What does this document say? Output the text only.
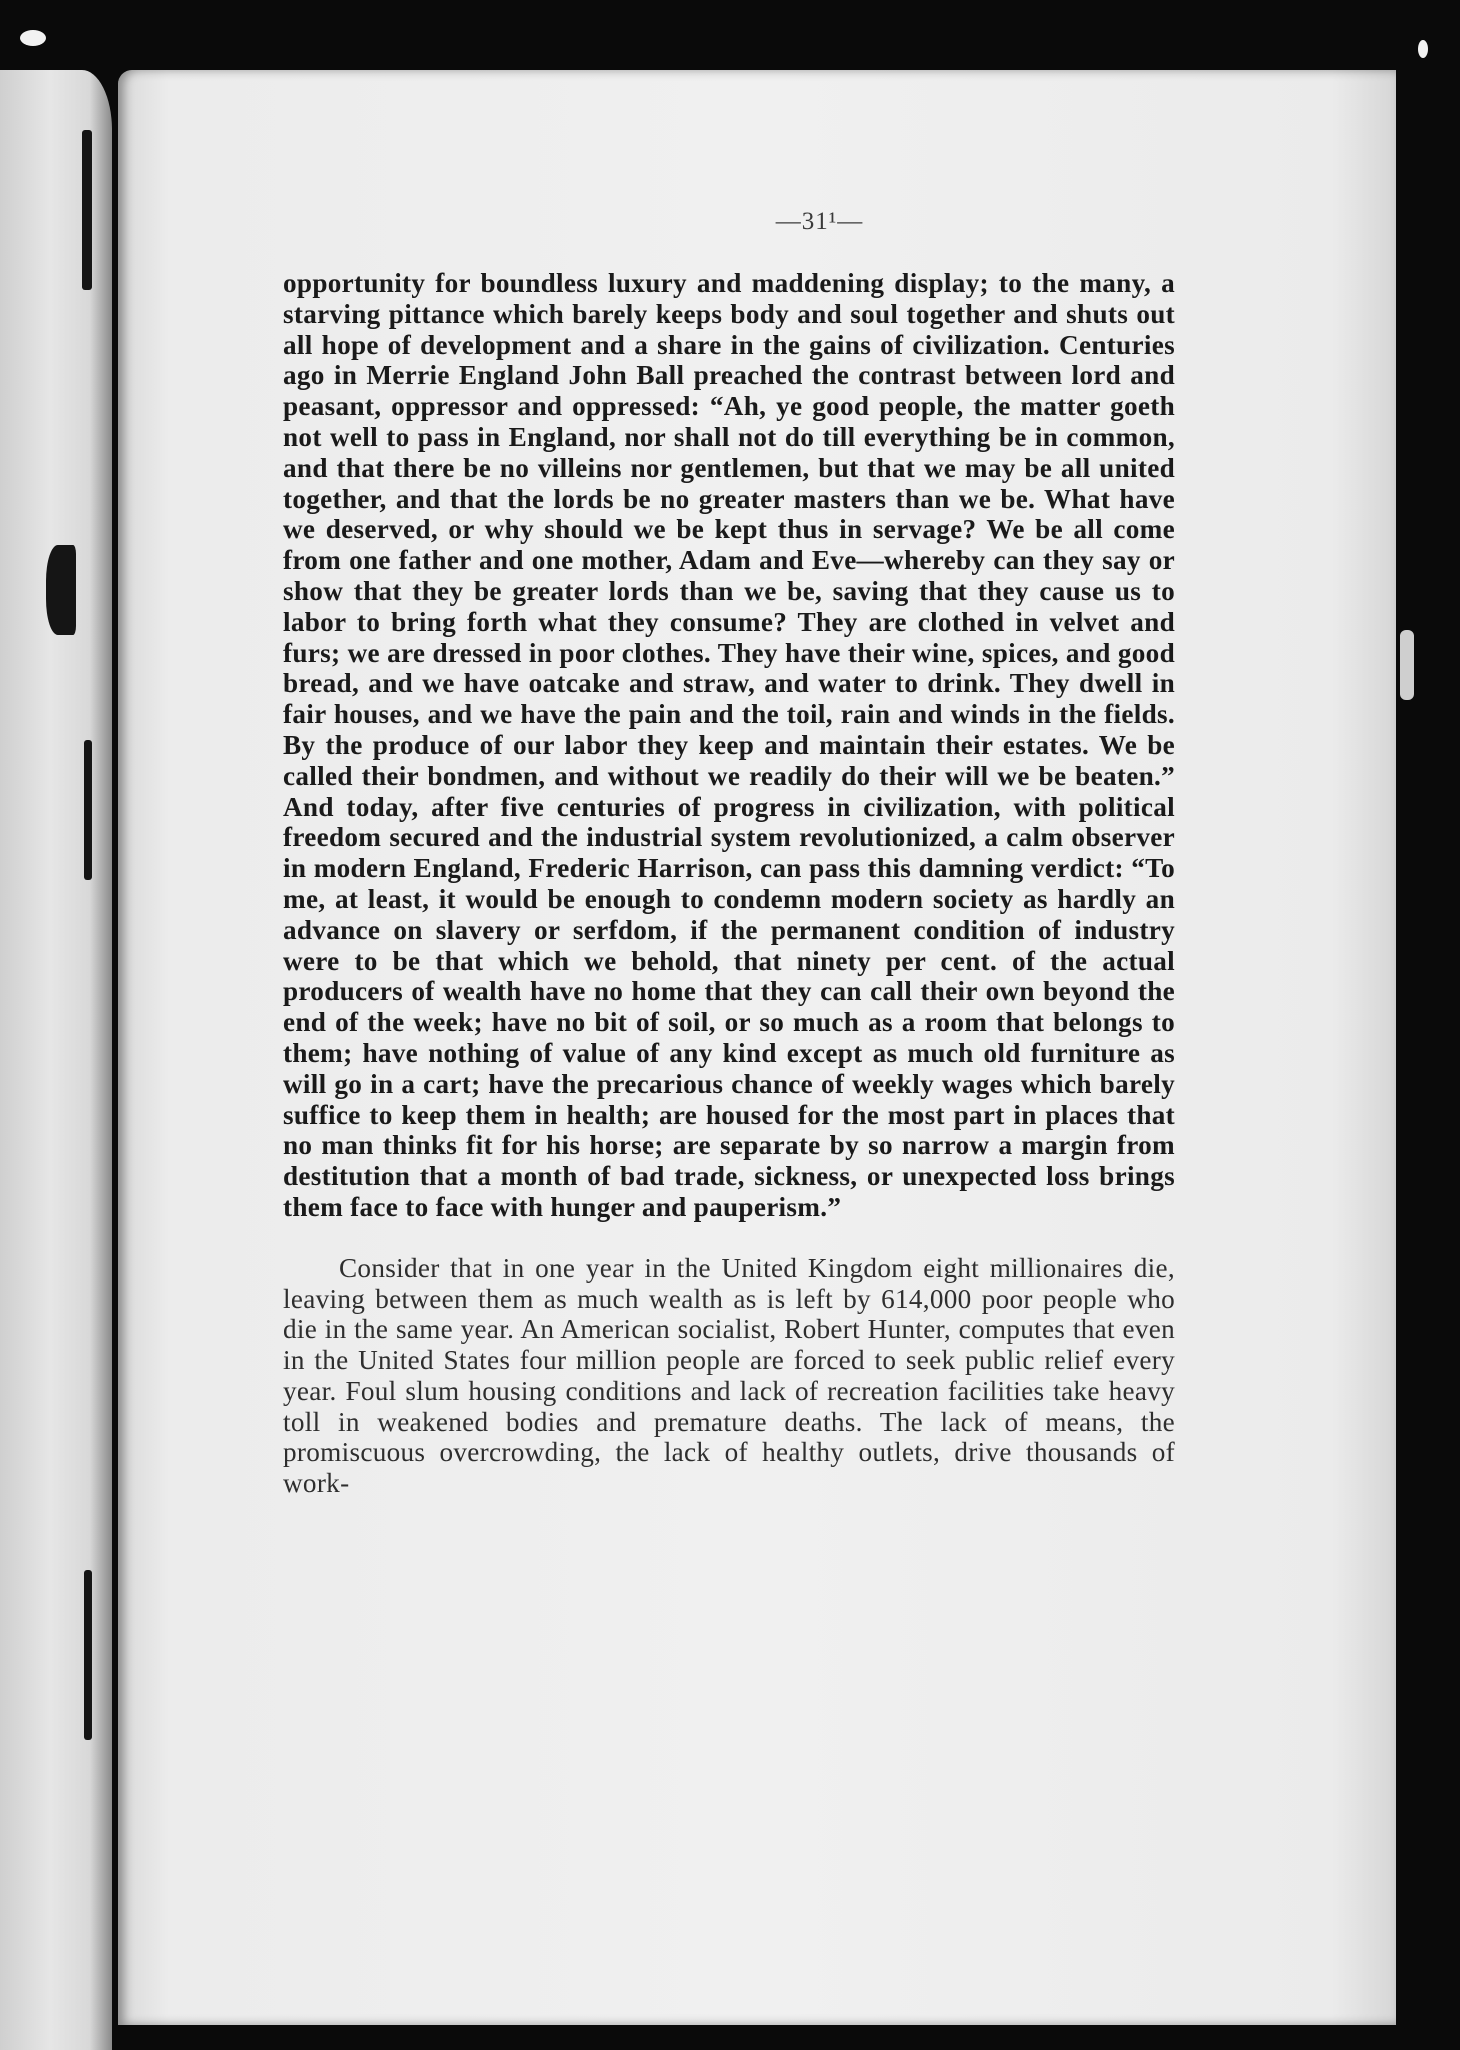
—31¹—

opportunity for boundless luxury and maddening display; to the many, a starving pittance which barely keeps body and soul together and shuts out all hope of development and a share in the gains of civilization. Centuries ago in Merrie England John Ball preached the contrast between lord and peasant, oppressor and oppressed: “Ah, ye good people, the matter goeth not well to pass in England, nor shall not do till everything be in common, and that there be no villeins nor gentlemen, but that we may be all united together, and that the lords be no greater masters than we be. What have we deserved, or why should we be kept thus in servage? We be all come from one father and one mother, Adam and Eve—whereby can they say or show that they be greater lords than we be, saving that they cause us to labor to bring forth what they consume? They are clothed in velvet and furs; we are dressed in poor clothes. They have their wine, spices, and good bread, and we have oatcake and straw, and water to drink. They dwell in fair houses, and we have the pain and the toil, rain and winds in the fields. By the produce of our labor they keep and maintain their estates. We be called their bondmen, and without we readily do their will we be beaten.” And today, after five centuries of progress in civilization, with political freedom secured and the industrial system revolutionized, a calm observer in modern England, Frederic Harrison, can pass this damning verdict: “To me, at least, it would be enough to condemn modern society as hardly an advance on slavery or serfdom, if the permanent condition of industry were to be that which we behold, that ninety per cent. of the actual producers of wealth have no home that they can call their own beyond the end of the week; have no bit of soil, or so much as a room that belongs to them; have nothing of value of any kind except as much old furniture as will go in a cart; have the precarious chance of weekly wages which barely suffice to keep them in health; are housed for the most part in places that no man thinks fit for his horse; are separate by so narrow a margin from destitution that a month of bad trade, sickness, or unexpected loss brings them face to face with hunger and pauperism.”

Consider that in one year in the United Kingdom eight millionaires die, leaving between them as much wealth as is left by 614,000 poor people who die in the same year. An American socialist, Robert Hunter, computes that even in the United States four million people are forced to seek public relief every year. Foul slum housing conditions and lack of recreation facilities take heavy toll in weakened bodies and premature deaths. The lack of means, the promiscuous overcrowding, the lack of healthy outlets, drive thousands of work-
